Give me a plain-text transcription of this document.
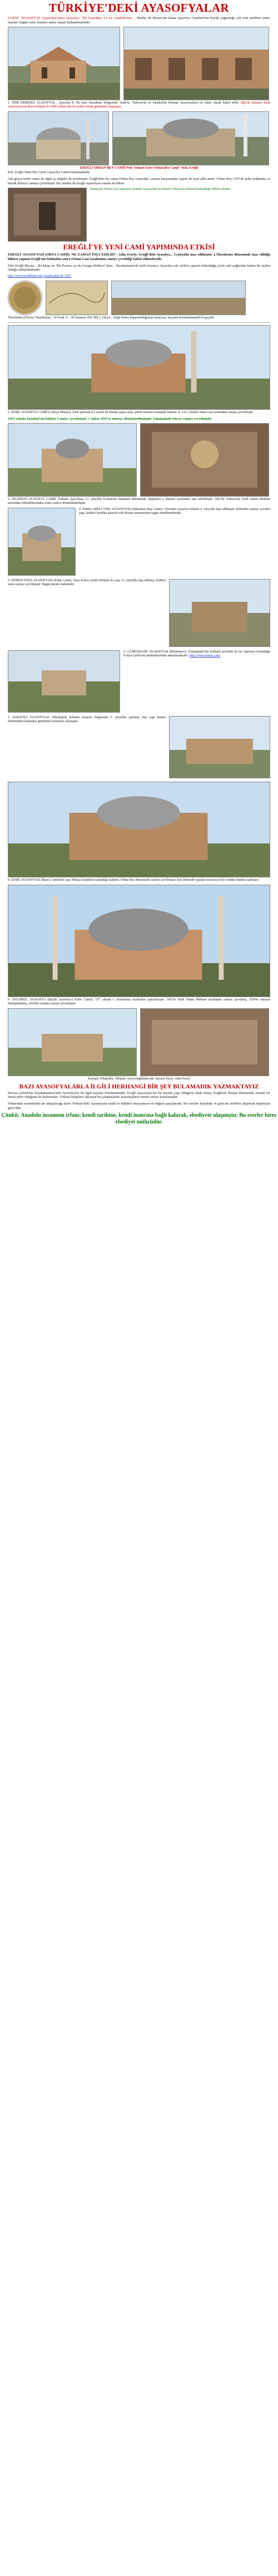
TÜRKİYE'DEKİ AYASOFYALAR

İ.GENE AYASOFYAS (AyasofyaCami) Ayasofya... Bir kaynakta; 1'ü ise Anadolu'nun ... Bunlar ile Bizans'tan kalan Ayasofya Camileri'nin büyük çoğunluğu çok eski tarihlere aittir; bazıları bugün cami, bazıları müze olarak kullanılmaktadır.

1- İSMİ ERDEMLİ AYASOFYAS... Ayasofya 8. Bu ismi Karadeniz bölgesinde; İznik'te, Trabzon'da ve İstanbul'da bulunan Ayasofyaların en eskisi olarak kabul edilir. Eğri'de bulunan İznik Ayasofyası'nın ikinci bölümü de 1000 yıldan eski bir mabet olarak günümüze ulaşmıştır.

EREĞLİ ORHAN BEY CAMİİ Prof. Semavi Eyice Orhan Bey Camii - Kdz. Ereğli

Kdz. Ereğli Orhan Bey Camii (Ayasofya Camii) bulunmaktadır.

Adı geçen tarihi camii ile ilgili şu bilgiler de verilmiştir: Ereğli'deki bu camii Orhan Bey camisidir, camiin karşısındaki çeşme de aynı adla anılır. Orhan Bey 1337'de şehri fethetmiş ve büyük kiliseyi camiye çevirmiştir. Bu yüzden de Ereğli Ayasofyası olarak da bilinir.

Sanatçılar Orhan Gazi yapısıyla uyumlu, karşısında ise Hazreti Yahya'nın kabrinin bulunduğu bilinen alanda...
EREĞLİ'YE YENİ CAMİ YAPIMINDA ETKİSİ

EREĞLİ AYASOFYASI (ORTA CAMİİ) 'NE ZAMAN İNŞA EDİLDİ?'. John Freely: Ereğli'deki Ayasofya... 5.yüzyılda inşa edilmiştir. 2.Theodosius döneminde inşa edildiği bilinen yapının Ereğli'nin fethinden sonra Orhan Gazi tarafından camiye çevrildiği kabul edilmektedir.

Eski Ereğli Bizans... Bu kitap ise 'Bir Pazarcı ya da Gezgin Rehberi' iken... Seyahatname'de tarih boyunca Ayasofya adı verilen yapının bulunduğu yerin eski çağlardan kalma bir mabet olduğu anlaşılmaktadır.

http://www.ereglihaber.net/yazarlar.php?id=1803

Theodosius (Flavius Theodosius) - 10 Ocak 11 - 28 Temmuz 450; MS 2. yüzyıl... Doğu Roma İmparatorluğu'nun kurucusu, hayatını Konstantinopolis'te geçirdi.

2- İZNİK AYASOFYA CAMİİ (Camiye Müzesi): İznik şehrinin 4-5 asırlık bir Bizans yapıtı olup, şehrin merkezi kısmında bulunur ve 1331 yılında Orhan Gazi tarafından camiye çevrilmiştir.

1453 yılında İstanbul'un fethiyle Camiye çevrilmiştir. 1 Şubat 1935'te müzeye dönüştürülmüştür. Günümüzde tekrar camiye çevrilmiştir.

3- TRABZON AYASOFYA CAMİİ: Trabzon Ayasofyası 13. yüzyılda Komnenos hanedanı döneminde, İmparator I. Manuel tarafından inşa ettirilmiştir. 1461'de Trabzon'un Fatih Sultan Mehmet tarafından fethedilmesinden sonra camiye dönüştürülmüştür.

4- KIRKLARELİ VİZE AYASOFYASI (Süleyman Paşa Camii): Vize'deki Ayasofya kilisesi 6. yüzyılda inşa edilmiştir. Kiliseden camiye çevrilen yapı, kubbeli bazilika planıyla eski Bizans mimarisinin özgün örneklerindendir.
5- EDİRNE ENEZ AYASOFYASI (Fatih Camii): Enez Kalesi içinde bulunan bu yapı 12. yüzyılda inşa edilmiş; fetihten sonra camiye çevrilmiştir. Bugün harabe halindedir.
6- GÜMÜŞHANE AYASOFYASI (Bilinmiyor): 'Gümüşhane'nin Kalkanlı köyünde de bir Ayasofya bulunduğu Evliya Çelebi'nin anlatımlarından anlaşılmaktadır.' http://www.damos.com/
7- SARAYİÇİ AYASOFYASI: Tekirdağ'da bulunan Sarayiçi bölgesinde 6. yüzyılda yapılmış olan yapı Bizans döneminden kalmadır; günümüze kalıntıları ulaşmıştır.

8- İZNİK AYASOFYASI (İkinci): İznik'teki yapı Nikaia konsilinin toplandığı mabettir. Orhan Bey döneminde camiye çevrilmiştir. Son dönemde yapılan restorasyon ile yeniden ibadete açılmıştır.

9- İSTANBUL AYASOFYA (Büyük Ayasofya-i Kebir Camii): 537 yılında I. Justinianus tarafından yaptırılmıştır. 1453'te Fatih Sultan Mehmet tarafından camiye çevrilmiş, 1934'te müzeye dönüştürülmüş, 2020'de yeniden camiye çevrilmiştir.

Kaynak: Wikipedia, Vikipedi, www.ereglihaber.net, Semavi Eyice, John Freely

BAZI AYASOFYALARLA İLGİLİ HERHANGİ BİR ŞEY BULAMADIK YAZMAKTAYIZ

Hacıya Çelebi'nin Seyahatnamesi'nde Ayasofya'lar ile ilgili kayıtlar bulunmaktadır. Ereğli Ayasofyası'nın bu önemli yapı olduğunu ifade etmiş; Ereğli'nin Bizans döneminde önemli bir liman şehri olduğunu da belirtmiştir. Yüksek belgelere dayanan bu çalışmalarda Ayasofyaların önemi ortaya konulmuştur.

Yukarıdaki resimlerden de anlaşılacağı üzere Türkiye'deki Ayasofyalar tarihî ve kültürel mirasımızın en değerli parçalarıdır. Bu eserleri korumak ve gelecek nesillere aktarmak hepimizin görevidir.

Çünkü: Anadolu insanının irfanı; kendi tarihine, kendi inancına bağlı kalarak, ebediyete ulaşmıştır. Bu eserler birer ebediyet mührüdür.
